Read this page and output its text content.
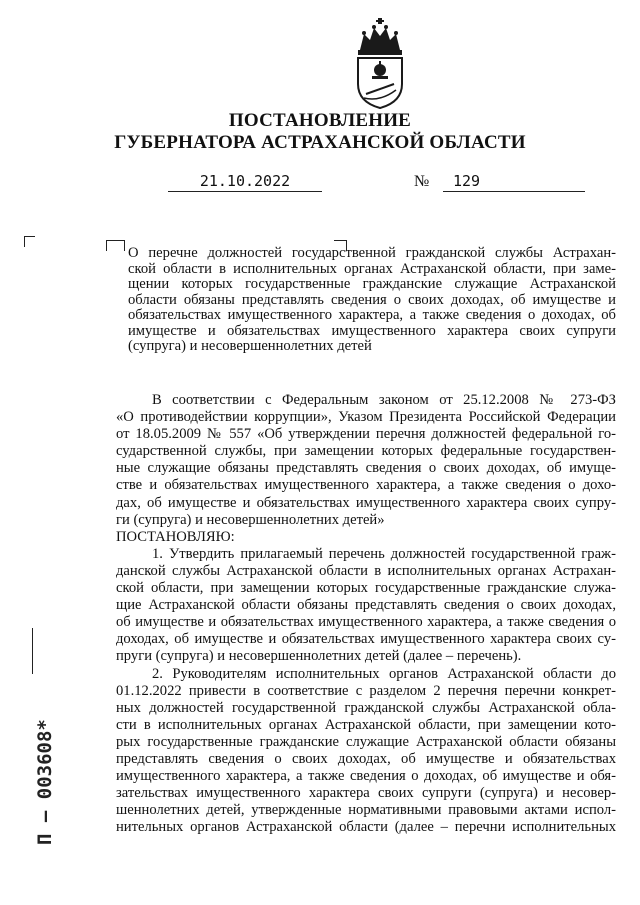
ПОСТАНОВЛЕНИЕ
ГУБЕРНАТОРА АСТРАХАНСКОЙ ОБЛАСТИ
21.10.2022	№	129
О перечне должностей государственной гражданской службы Астрахан-
ской области в исполнительных органах Астраханской области, при заме-
щении которых государственные гражданские служащие Астраханской
области обязаны представлять сведения о своих доходах, об имуществе и
обязательствах имущественного характера, а также сведения о доходах, об
имуществе и обязательствах имущественного характера своих супруги
(супруга) и несовершеннолетних детей
В соответствии с Федеральным законом от 25.12.2008 № 273-ФЗ
«О противодействии коррупции», Указом Президента Российской Федерации
от 18.05.2009 № 557 «Об утверждении перечня должностей федеральной го-
сударственной службы, при замещении которых федеральные государствен-
ные служащие обязаны представлять сведения о своих доходах, об имуще-
стве и обязательствах имущественного характера, а также сведения о дохо-
дах, об имуществе и обязательствах имущественного характера своих супру-
ги (супруга) и несовершеннолетних детей»
ПОСТАНОВЛЯЮ:
1. Утвердить прилагаемый перечень должностей государственной граж-
данской службы Астраханской области в исполнительных органах Астрахан-
ской области, при замещении которых государственные гражданские служа-
щие Астраханской области обязаны представлять сведения о своих доходах,
об имуществе и обязательствах имущественного характера, а также сведения о
доходах, об имуществе и обязательствах имущественного характера своих су-
пруги (супруга) и несовершеннолетних детей (далее – перечень).
2. Руководителям исполнительных органов Астраханской области до
01.12.2022 привести в соответствие с разделом 2 перечня перечни конкрет-
ных должностей государственной гражданской службы Астраханской обла-
сти в исполнительных органах Астраханской области, при замещении кото-
рых государственные гражданские служащие Астраханской области обязаны
представлять сведения о своих доходах, об имуществе и обязательствах
имущественного характера, а также сведения о доходах, об имуществе и обя-
зательствах имущественного характера своих супруги (супруга) и несовер-
шеннолетних детей, утвержденные нормативными правовыми актами испол-
нительных органов Астраханской области (далее – перечни исполнительных
П – 003608*
